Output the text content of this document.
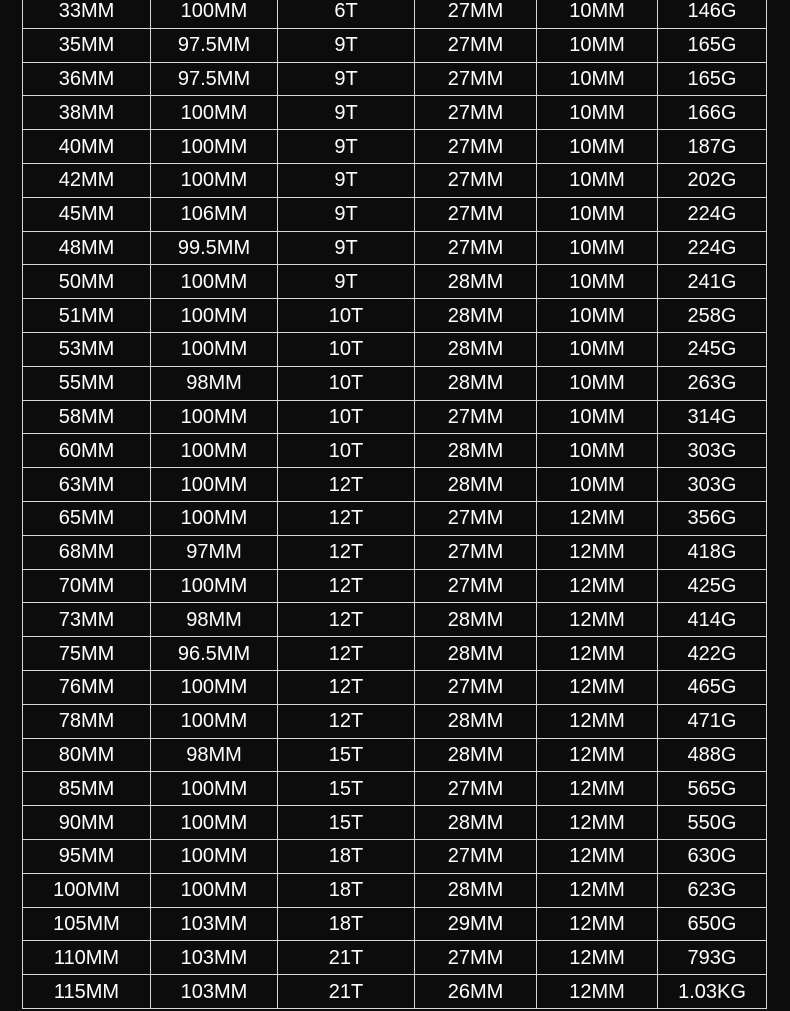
33MM	100MM	6T	27MM	10MM	146G
35MM	97.5MM	9T	27MM	10MM	165G
36MM	97.5MM	9T	27MM	10MM	165G
38MM	100MM	9T	27MM	10MM	166G
40MM	100MM	9T	27MM	10MM	187G
42MM	100MM	9T	27MM	10MM	202G
45MM	106MM	9T	27MM	10MM	224G
48MM	99.5MM	9T	27MM	10MM	224G
50MM	100MM	9T	28MM	10MM	241G
51MM	100MM	10T	28MM	10MM	258G
53MM	100MM	10T	28MM	10MM	245G
55MM	98MM	10T	28MM	10MM	263G
58MM	100MM	10T	27MM	10MM	314G
60MM	100MM	10T	28MM	10MM	303G
63MM	100MM	12T	28MM	10MM	303G
65MM	100MM	12T	27MM	12MM	356G
68MM	97MM	12T	27MM	12MM	418G
70MM	100MM	12T	27MM	12MM	425G
73MM	98MM	12T	28MM	12MM	414G
75MM	96.5MM	12T	28MM	12MM	422G
76MM	100MM	12T	27MM	12MM	465G
78MM	100MM	12T	28MM	12MM	471G
80MM	98MM	15T	28MM	12MM	488G
85MM	100MM	15T	27MM	12MM	565G
90MM	100MM	15T	28MM	12MM	550G
95MM	100MM	18T	27MM	12MM	630G
100MM	100MM	18T	28MM	12MM	623G
105MM	103MM	18T	29MM	12MM	650G
110MM	103MM	21T	27MM	12MM	793G
115MM	103MM	21T	26MM	12MM	1.03KG
